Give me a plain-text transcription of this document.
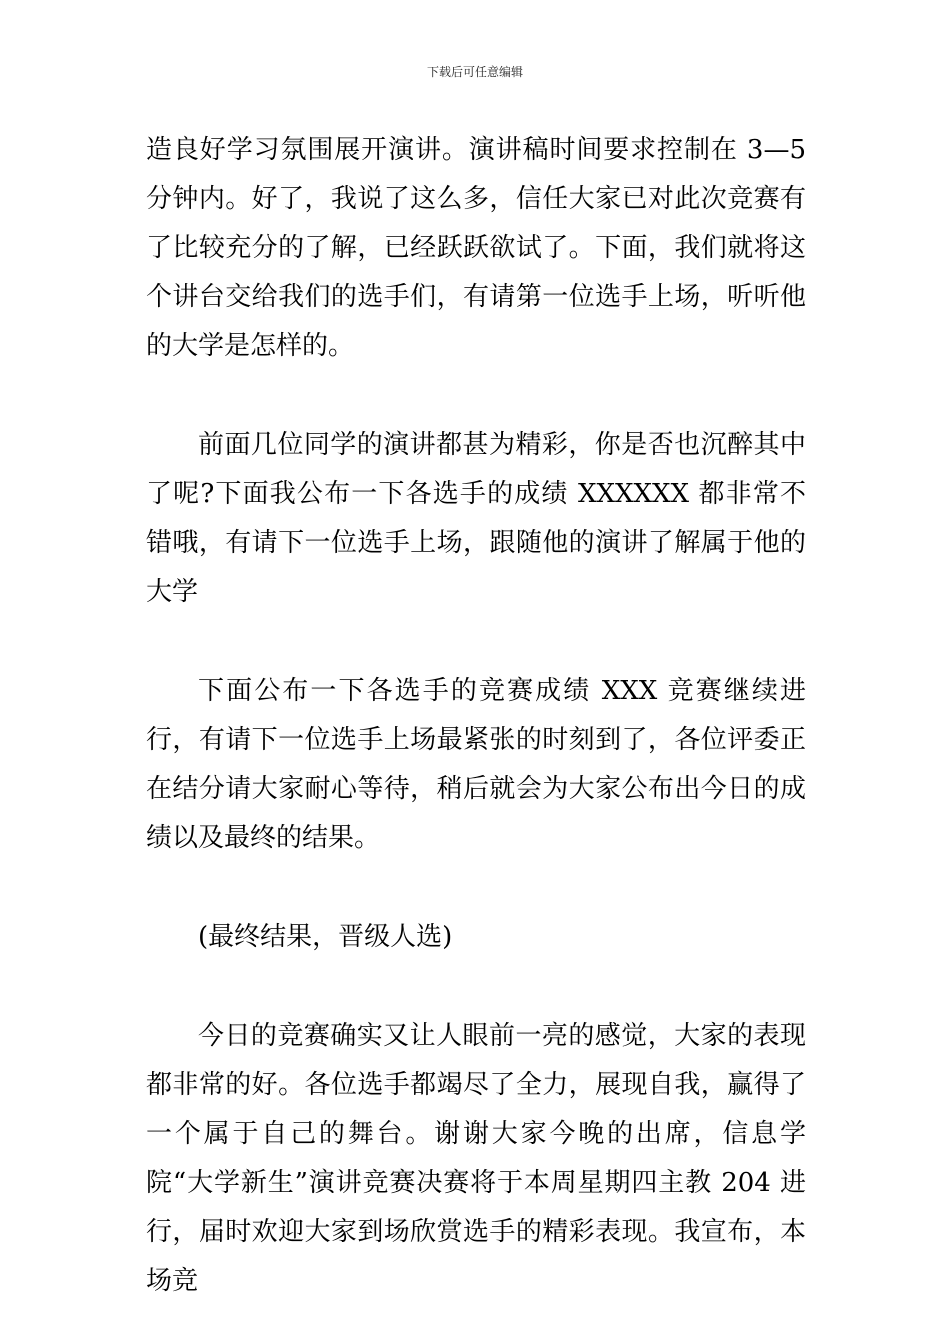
下载后可任意编辑

造良好学习氛围展开演讲。演讲稿时间要求控制在 3—5 分钟内。好了，我说了这么多，信任大家已对此次竞赛有了比较充分的了解，已经跃跃欲试了。下面，我们就将这个讲台交给我们的选手们，有请第一位选手上场，听听他的大学是怎样的。

前面几位同学的演讲都甚为精彩，你是否也沉醉其中了呢?下面我公布一下各选手的成绩 XXXXXX 都非常不错哦，有请下一位选手上场，跟随他的演讲了解属于他的大学

下面公布一下各选手的竞赛成绩 XXX 竞赛继续进行，有请下一位选手上场最紧张的时刻到了，各位评委正在结分请大家耐心等待，稍后就会为大家公布出今日的成绩以及最终的结果。

(最终结果，晋级人选)

今日的竞赛确实又让人眼前一亮的感觉，大家的表现都非常的好。各位选手都竭尽了全力，展现自我，赢得了一个属于自己的舞台。谢谢大家今晚的出席，信息学院“大学新生”演讲竞赛决赛将于本周星期四主教 204 进行，届时欢迎大家到场欣赏选手的精彩表现。我宣布，本场竞
